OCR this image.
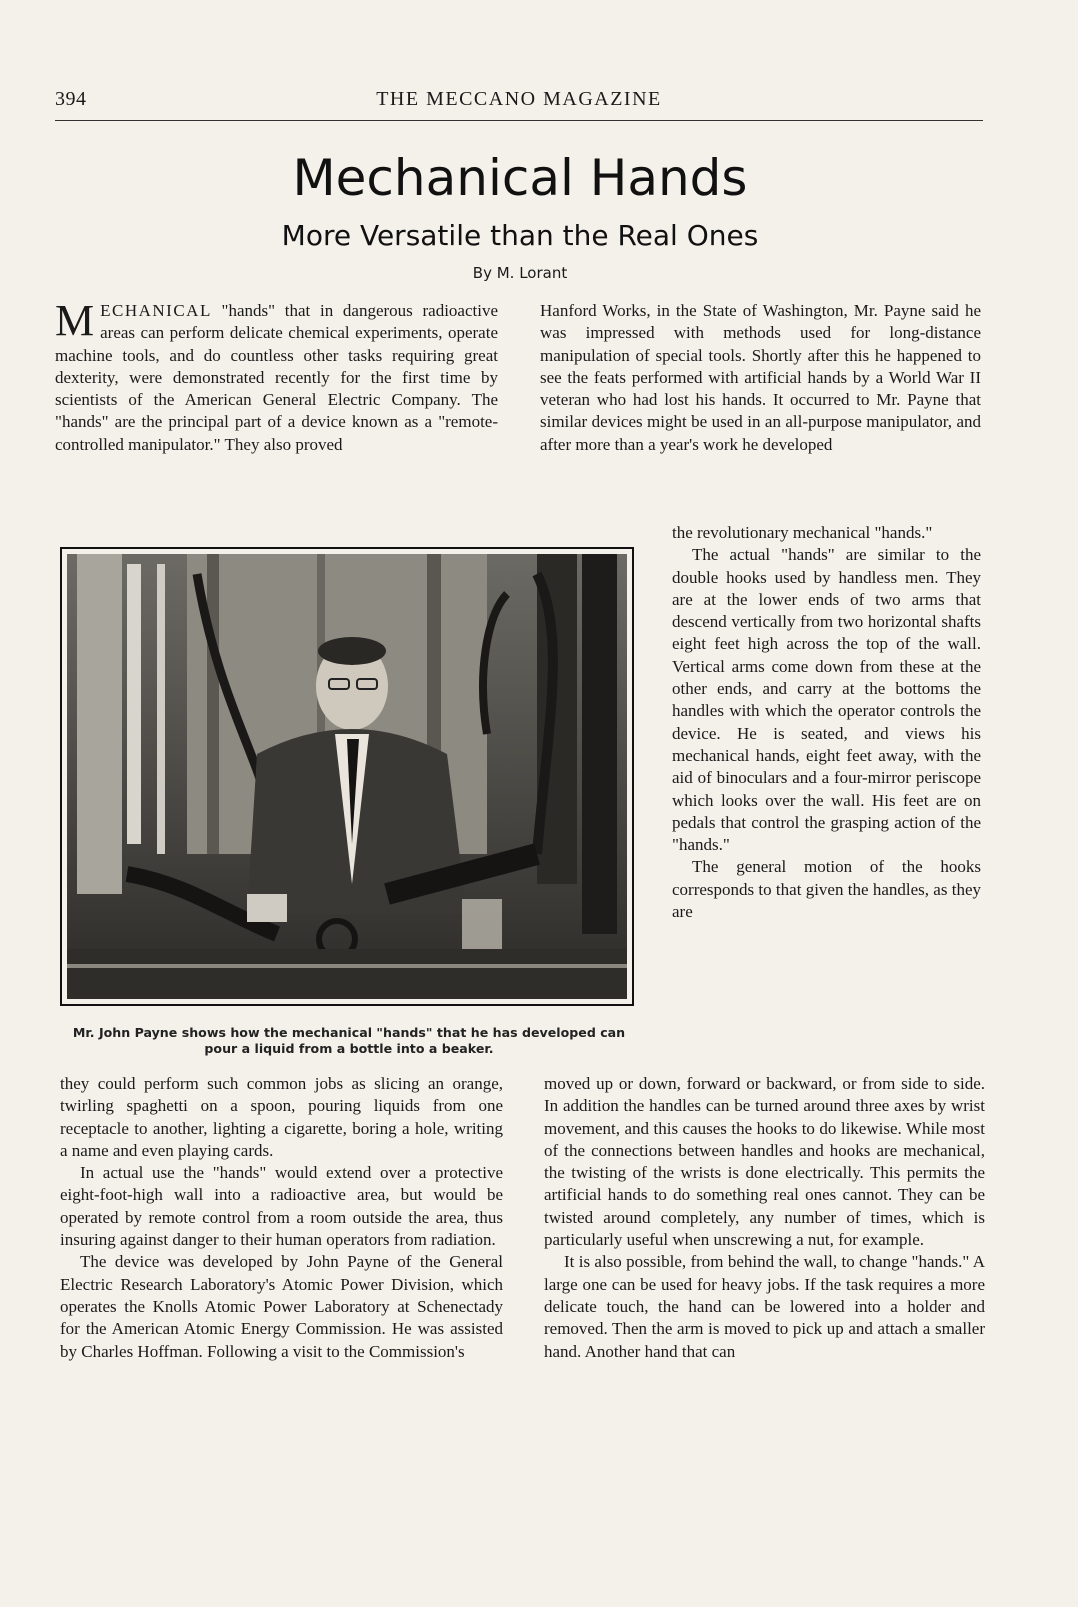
394	THE MECCANO MAGAZINE
Mechanical Hands
More Versatile than the Real Ones
By M. Lorant

MECHANICAL "hands" that in dangerous radioactive areas can perform delicate chemical experiments, operate machine tools, and do countless other tasks requiring great dexterity, were demonstrated recently for the first time by scientists of the American General Electric Company. The "hands" are the principal part of a device known as a "remote-controlled manipulator." They also proved

Hanford Works, in the State of Washington, Mr. Payne said he was impressed with methods used for long-distance manipulation of special tools. Shortly after this he happened to see the feats performed with artificial hands by a World War II veteran who had lost his hands. It occurred to Mr. Payne that similar devices might be used in an all-purpose manipulator, and after more than a year's work he developed

the revolutionary mechanical "hands."

The actual "hands" are similar to the double hooks used by handless men. They are at the lower ends of two arms that descend vertically from two horizontal shafts eight feet high across the top of the wall. Vertical arms come down from these at the other ends, and carry at the bottoms the handles with which the operator controls the device. He is seated, and views his mechanical hands, eight feet away, with the aid of binoculars and a four-mirror periscope which looks over the wall. His feet are on pedals that control the grasping action of the "hands."

The general motion of the hooks corresponds to that given the handles, as they are

Mr. John Payne shows how the mechanical "hands" that he has developed can pour a liquid from a bottle into a beaker.

they could perform such common jobs as slicing an orange, twirling spaghetti on a spoon, pouring liquids from one receptacle to another, lighting a cigarette, boring a hole, writing a name and even playing cards.

In actual use the "hands" would extend over a protective eight-foot-high wall into a radioactive area, but would be operated by remote control from a room outside the area, thus insuring against danger to their human operators from radiation.

The device was developed by John Payne of the General Electric Research Laboratory's Atomic Power Division, which operates the Knolls Atomic Power Laboratory at Schenectady for the American Atomic Energy Commission. He was assisted by Charles Hoffman. Following a visit to the Commission's

moved up or down, forward or backward, or from side to side. In addition the handles can be turned around three axes by wrist movement, and this causes the hooks to do likewise. While most of the connections between handles and hooks are mechanical, the twisting of the wrists is done electrically. This permits the artificial hands to do something real ones cannot. They can be twisted around completely, any number of times, which is particularly useful when unscrewing a nut, for example.

It is also possible, from behind the wall, to change "hands." A large one can be used for heavy jobs. If the task requires a more delicate touch, the hand can be lowered into a holder and removed. Then the arm is moved to pick up and attach a smaller hand. Another hand that can
